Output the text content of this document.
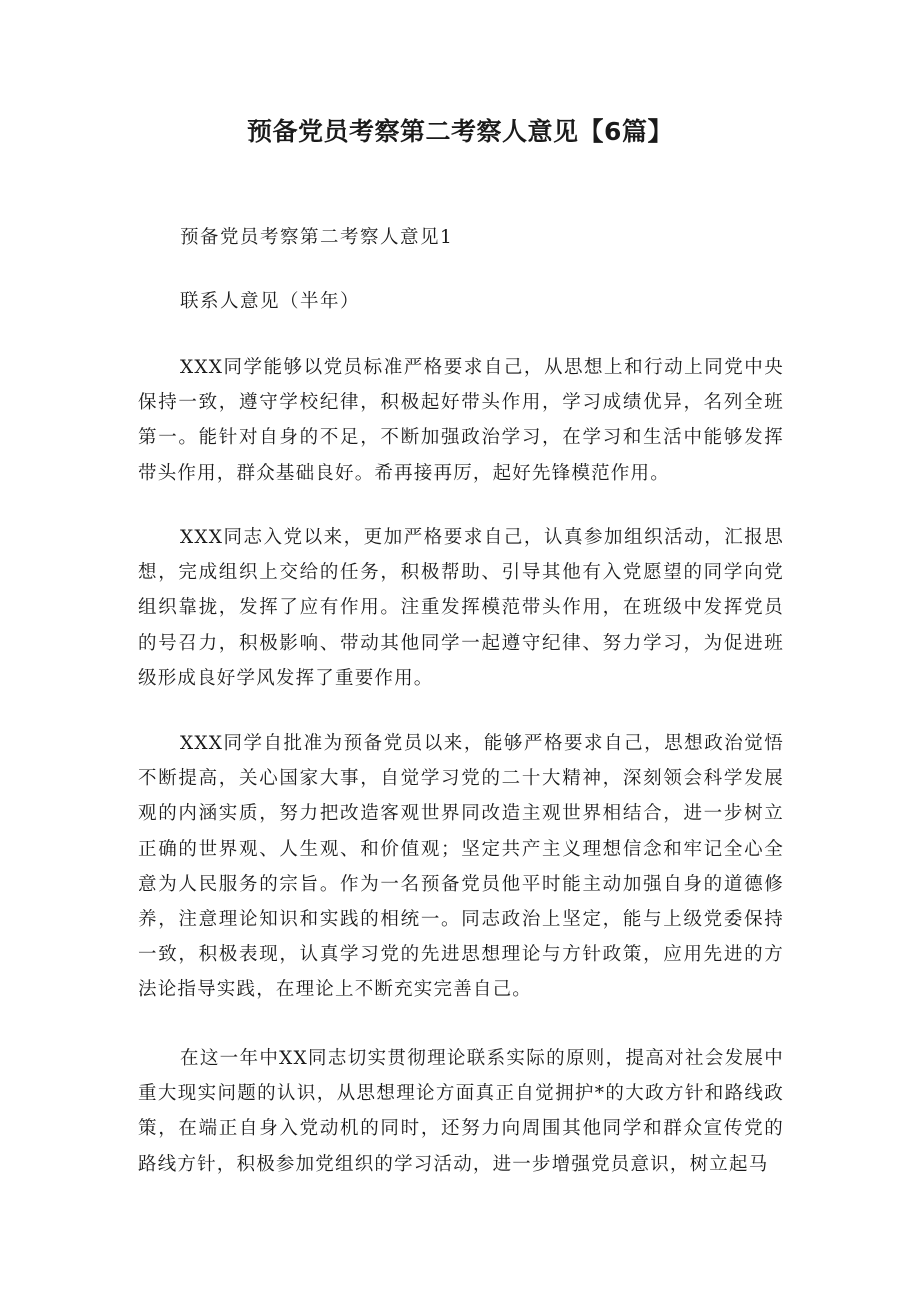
预备党员考察第二考察人意见【6篇】
预备党员考察第二考察人意见1
联系人意见（半年）

XXX同学能够以党员标准严格要求自己，从思想上和行动上同党中央保持一致，遵守学校纪律，积极起好带头作用，学习成绩优异，名列全班第一。能针对自身的不足，不断加强政治学习，在学习和生活中能够发挥带头作用，群众基础良好。希再接再厉，起好先锋模范作用。

XXX同志入党以来，更加严格要求自己，认真参加组织活动，汇报思想，完成组织上交给的任务，积极帮助、引导其他有入党愿望的同学向党组织靠拢，发挥了应有作用。注重发挥模范带头作用，在班级中发挥党员的号召力，积极影响、带动其他同学一起遵守纪律、努力学习，为促进班级形成良好学风发挥了重要作用。

XXX同学自批准为预备党员以来，能够严格要求自己，思想政治觉悟不断提高，关心国家大事，自觉学习党的二十大精神，深刻领会科学发展观的内涵实质，努力把改造客观世界同改造主观世界相结合，进一步树立正确的世界观、人生观、和价值观；坚定共产主义理想信念和牢记全心全意为人民服务的宗旨。作为一名预备党员他平时能主动加强自身的道德修养，注意理论知识和实践的相统一。同志政治上坚定，能与上级党委保持一致，积极表现，认真学习党的先进思想理论与方针政策，应用先进的方法论指导实践，在理论上不断充实完善自己。

在这一年中XX同志切实贯彻理论联系实际的原则，提高对社会发展中重大现实问题的认识，从思想理论方面真正自觉拥护*的大政方针和路线政策，在端正自身入党动机的同时，还努力向周围其他同学和群众宣传党的路线方针，积极参加党组织的学习活动，进一步增强党员意识，树立起马
